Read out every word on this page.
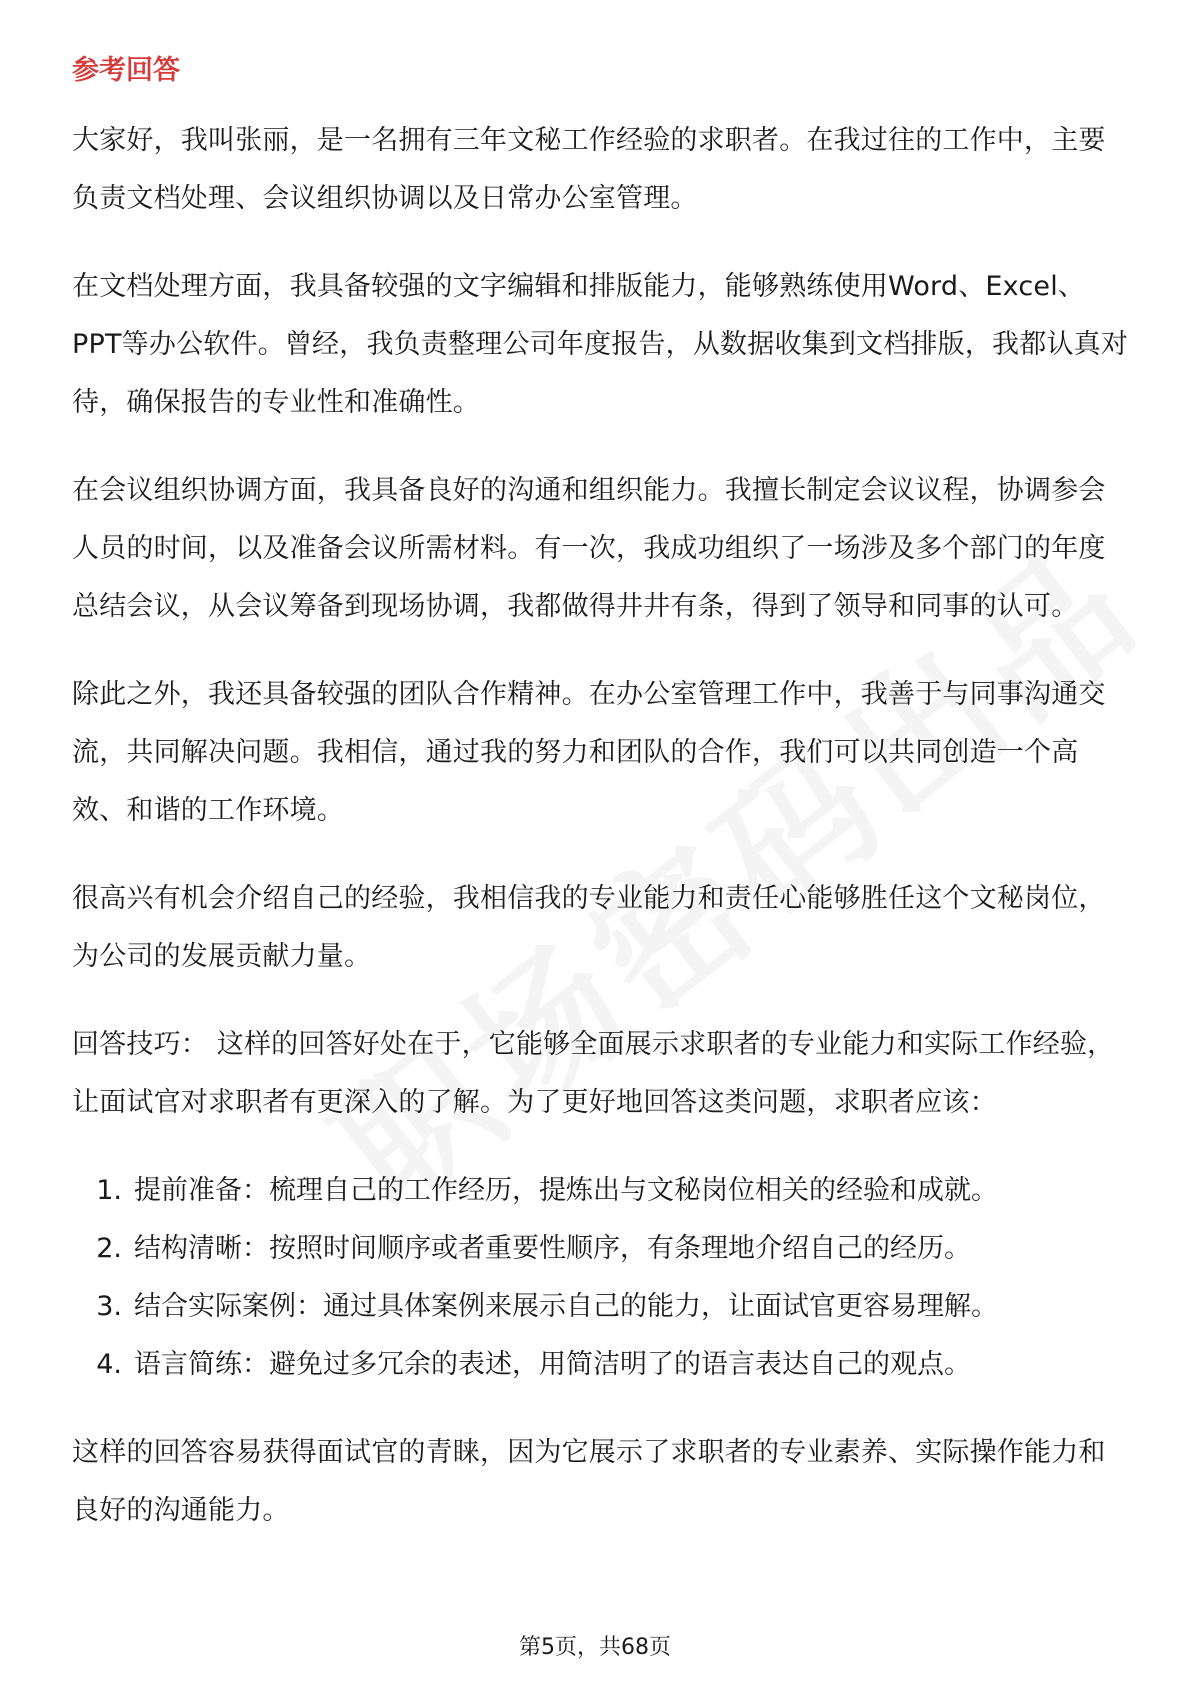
参考回答

大家好，我叫张丽，是一名拥有三年文秘工作经验的求职者。在我过往的工作中，主要负责文档处理、会议组织协调以及日常办公室管理。

在文档处理方面，我具备较强的文字编辑和排版能力，能够熟练使用Word、Excel、PPT等办公软件。曾经，我负责整理公司年度报告，从数据收集到文档排版，我都认真对待，确保报告的专业性和准确性。

在会议组织协调方面，我具备良好的沟通和组织能力。我擅长制定会议议程，协调参会人员的时间，以及准备会议所需材料。有一次，我成功组织了一场涉及多个部门的年度总结会议，从会议筹备到现场协调，我都做得井井有条，得到了领导和同事的认可。

除此之外，我还具备较强的团队合作精神。在办公室管理工作中，我善于与同事沟通交流，共同解决问题。我相信，通过我的努力和团队的合作，我们可以共同创造一个高效、和谐的工作环境。

很高兴有机会介绍自己的经验，我相信我的专业能力和责任心能够胜任这个文秘岗位，为公司的发展贡献力量。

回答技巧： 这样的回答好处在于，它能够全面展示求职者的专业能力和实际工作经验，让面试官对求职者有更深入的了解。为了更好地回答这类问题，求职者应该：

1. 提前准备：梳理自己的工作经历，提炼出与文秘岗位相关的经验和成就。
2. 结构清晰：按照时间顺序或者重要性顺序，有条理地介绍自己的经历。
3. 结合实际案例：通过具体案例来展示自己的能力，让面试官更容易理解。
4. 语言简练：避免过多冗余的表述，用简洁明了的语言表达自己的观点。

这样的回答容易获得面试官的青睐，因为它展示了求职者的专业素养、实际操作能力和良好的沟通能力。

第5页，共68页
